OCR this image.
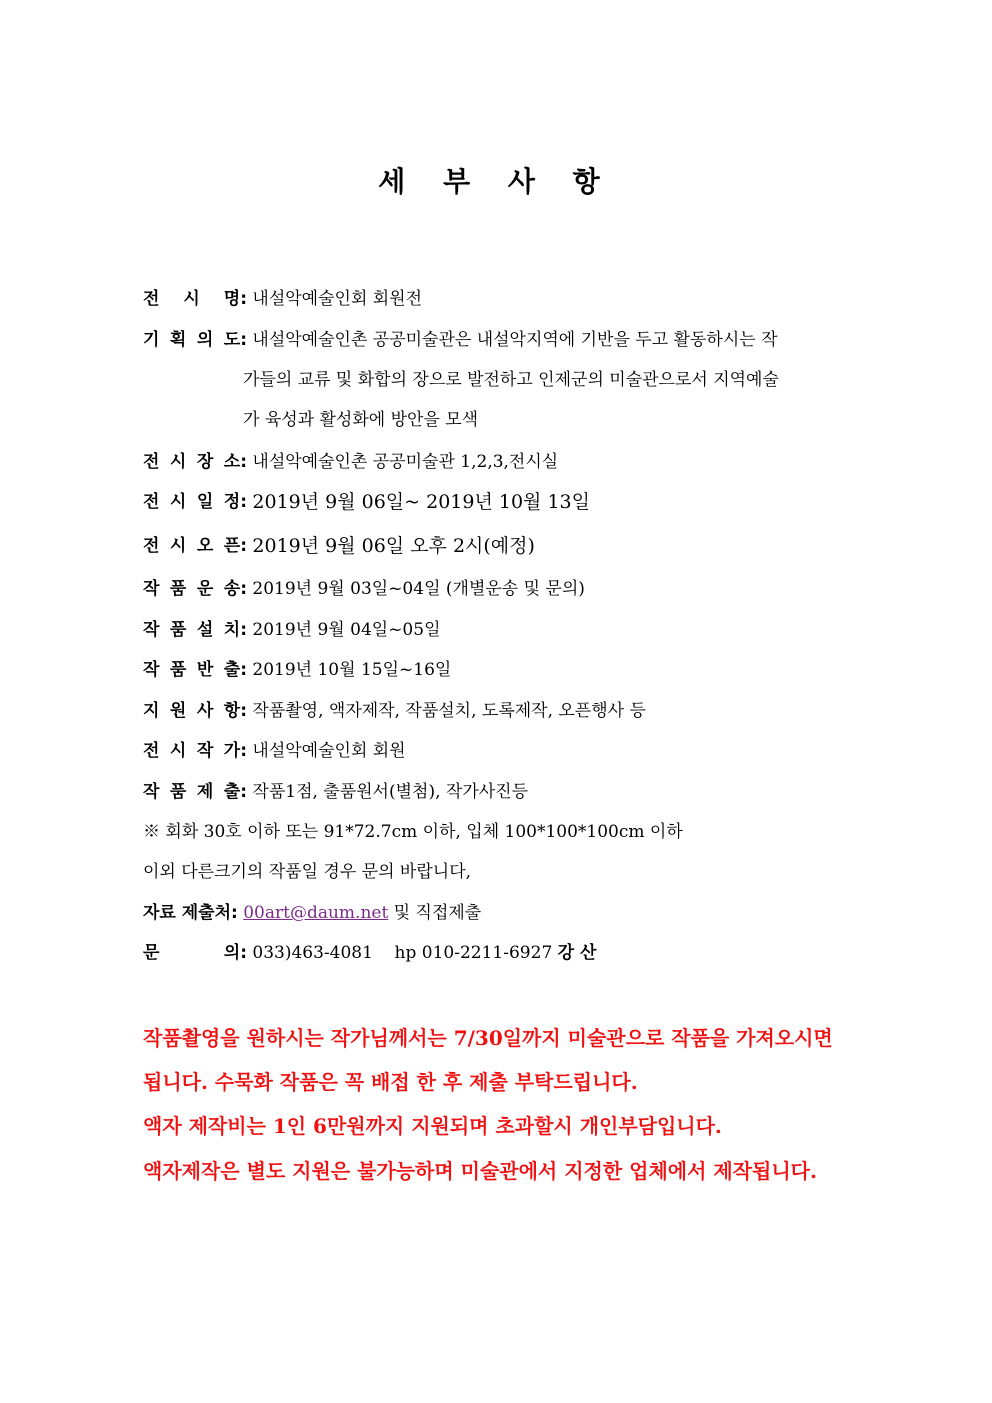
세 부 사 항
전 시 명: 내설악예술인회 회원전
기 획 의 도: 내설악예술인촌 공공미술관은 내설악지역에 기반을 두고 활동하시는 작
가들의 교류 및 화합의 장으로 발전하고 인제군의 미술관으로서 지역예술
가 육성과 활성화에 방안을 모색
전 시 장 소: 내설악예술인촌 공공미술관 1,2,3,전시실
전 시 일 정: 2019년 9월 06일~ 2019년 10월 13일
전 시 오 픈: 2019년 9월 06일 오후 2시(예정)
작 품 운 송: 2019년 9월 03일~04일 (개별운송 및 문의)
작 품 설 치: 2019년 9월 04일~05일
작 품 반 출: 2019년 10월 15일~16일
지 원 사 항: 작품촬영, 액자제작, 작품설치, 도록제작, 오픈행사 등
전 시 작 가: 내설악예술인회 회원
작 품 제 출: 작품1점, 출품원서(별첨), 작가사진등
※ 회화 30호 이하 또는 91*72.7cm 이하, 입체 100*100*100cm 이하
이외 다른크기의 작품일 경우 문의 바랍니다,
자료 제출처: 00art@daum.net 및 직접제출
문 의: 033)463-4081    hp 010-2211-6927 강 산
작품촬영을 원하시는 작가님께서는 7/30일까지 미술관으로 작품을 가져오시면
됩니다. 수묵화 작품은 꼭 배접 한 후 제출 부탁드립니다.
액자 제작비는 1인 6만원까지 지원되며 초과할시 개인부담입니다.
액자제작은 별도 지원은 불가능하며 미술관에서 지정한 업체에서 제작됩니다.
